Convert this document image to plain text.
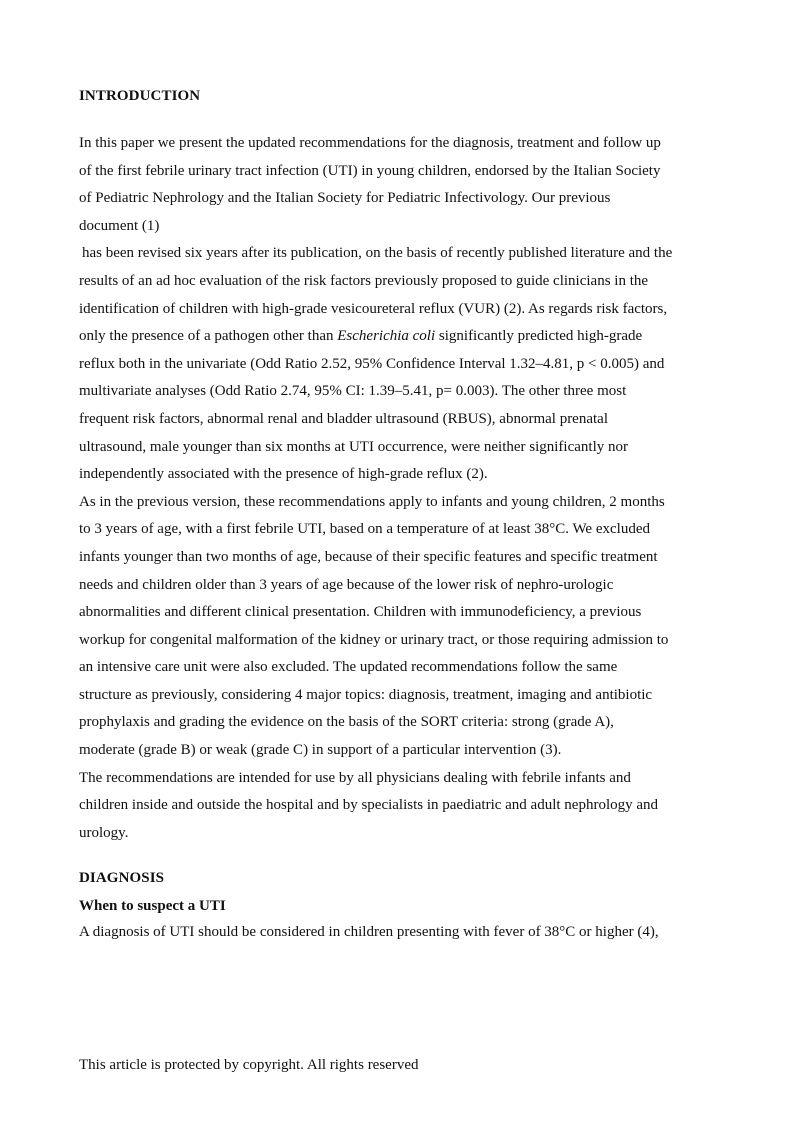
INTRODUCTION

In this paper we present the updated recommendations for the diagnosis, treatment and follow up
of the first febrile urinary tract infection (UTI) in young children, endorsed by the Italian Society
of Pediatric Nephrology and the Italian Society for Pediatric Infectivology. Our previous
document (1)

has been revised six years after its publication, on the basis of recently published literature and the
results of an ad hoc evaluation of the risk factors previously proposed to guide clinicians in the
identification of children with high-grade vesicoureteral reflux (VUR) (2). As regards risk factors,
only the presence of a pathogen other than Escherichia coli significantly predicted high-grade
reflux both in the univariate (Odd Ratio 2.52, 95% Confidence Interval 1.32–4.81, p < 0.005) and
multivariate analyses (Odd Ratio 2.74, 95% CI: 1.39–5.41, p= 0.003). The other three most
frequent risk factors, abnormal renal and bladder ultrasound (RBUS), abnormal prenatal
ultrasound, male younger than six months at UTI occurrence, were neither significantly nor
independently associated with the presence of high-grade reflux (2).

As in the previous version, these recommendations apply to infants and young children, 2 months
to 3 years of age, with a first febrile UTI, based on a temperature of at least 38°C. We excluded
infants younger than two months of age, because of their specific features and specific treatment
needs and children older than 3 years of age because of the lower risk of nephro-urologic
abnormalities and different clinical presentation. Children with immunodeficiency, a previous
workup for congenital malformation of the kidney or urinary tract, or those requiring admission to
an intensive care unit were also excluded. The updated recommendations follow the same
structure as previously, considering 4 major topics: diagnosis, treatment, imaging and antibiotic
prophylaxis and grading the evidence on the basis of the SORT criteria: strong (grade A),
moderate (grade B) or weak (grade C) in support of a particular intervention (3).

The recommendations are intended for use by all physicians dealing with febrile infants and
children inside and outside the hospital and by specialists in paediatric and adult nephrology and
urology.

DIAGNOSIS
When to suspect a UTI

A diagnosis of UTI should be considered in children presenting with fever of 38°C or higher (4),

This article is protected by copyright. All rights reserved
